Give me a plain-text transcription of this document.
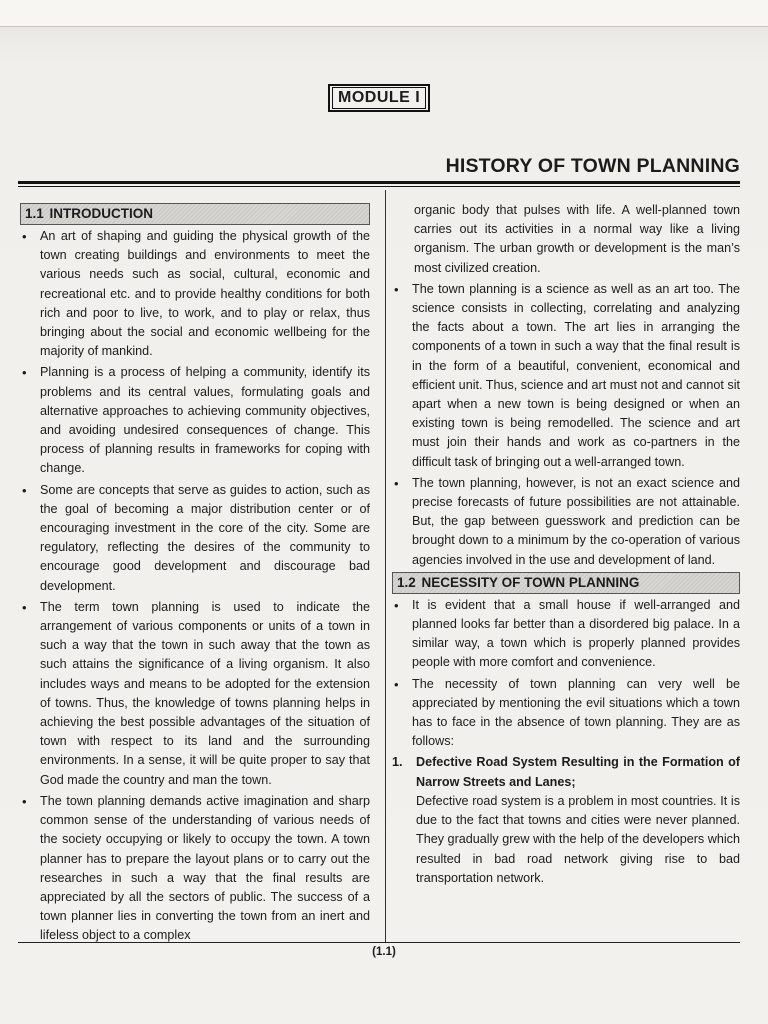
MODULE I
HISTORY OF TOWN PLANNING
1.1 INTRODUCTION
• An art of shaping and guiding the physical growth of the town creating buildings and environments to meet the various needs such as social, cultural, economic and recreational etc. and to provide healthy conditions for both rich and poor to live, to work, and to play or relax, thus bringing about the social and economic wellbeing for the majority of mankind.
• Planning is a process of helping a community, identify its problems and its central values, formulating goals and alternative approaches to achieving community objectives, and avoiding undesired consequences of change. This process of planning results in frameworks for coping with change.
• Some are concepts that serve as guides to action, such as the goal of becoming a major distribution center or of encouraging investment in the core of the city. Some are regulatory, reflecting the desires of the community to encourage good development and discourage bad development.
• The term town planning is used to indicate the arrangement of various components or units of a town in such a way that the town in such away that the town as such attains the significance of a living organism. It also includes ways and means to be adopted for the extension of towns. Thus, the knowledge of towns planning helps in achieving the best possible advantages of the situation of town with respect to its land and the surrounding environments. In a sense, it will be quite proper to say that God made the country and man the town.
• The town planning demands active imagination and sharp common sense of the understanding of various needs of the society occupying or likely to occupy the town. A town planner has to prepare the layout plans or to carry out the researches in such a way that the final results are appreciated by all the sectors of public. The success of a town planner lies in converting the town from an inert and lifeless object to a complex

organic body that pulses with life. A well-planned town carries out its activities in a normal way like a living organism. The urban growth or development is the man’s most civilized creation.

• The town planning is a science as well as an art too. The science consists in collecting, correlating and analyzing the facts about a town. The art lies in arranging the components of a town in such a way that the final result is in the form of a beautiful, convenient, economical and efficient unit. Thus, science and art must not and cannot sit apart when a new town is being designed or when an existing town is being remodelled. The science and art must join their hands and work as co-partners in the difficult task of bringing out a well-arranged town.
• The town planning, however, is not an exact science and precise forecasts of future possibilities are not attainable. But, the gap between guesswork and prediction can be brought down to a minimum by the co-operation of various agencies involved in the use and development of land.
1.2 NECESSITY OF TOWN PLANNING
• It is evident that a small house if well-arranged and planned looks far better than a disordered big palace. In a similar way, a town which is properly planned provides people with more comfort and convenience.
• The necessity of town planning can very well be appreciated by mentioning the evil situations which a town has to face in the absence of town planning. They are as follows:
1. Defective Road System Resulting in the Formation of Narrow Streets and Lanes;

Defective road system is a problem in most countries. It is due to the fact that towns and cities were never planned. They gradually grew with the help of the developers which resulted in bad road network giving rise to bad transportation network.

(1.1)
